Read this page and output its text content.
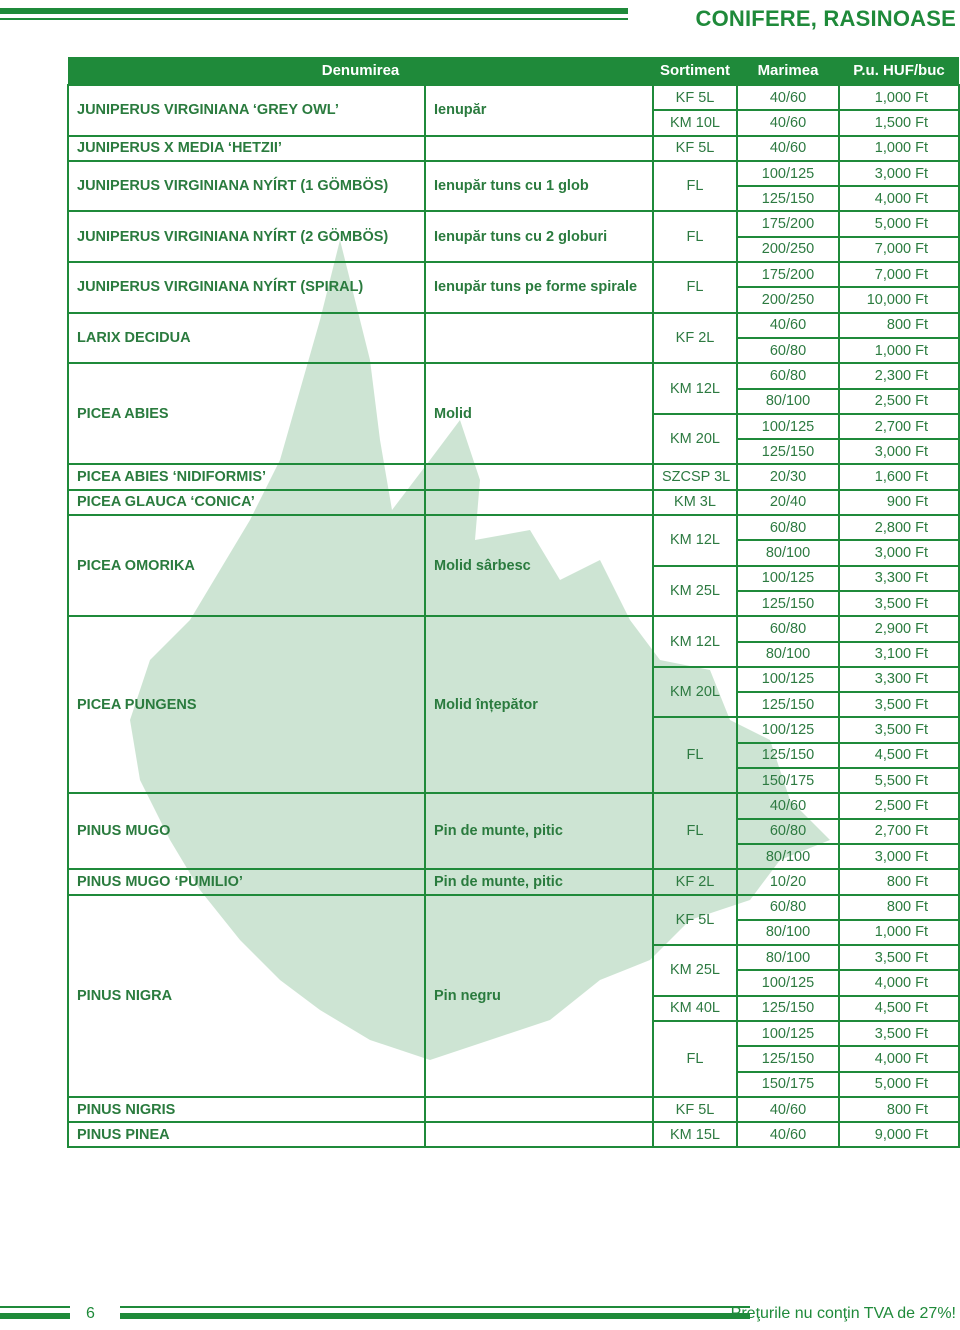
CONIFERE, RASINOASE
Denumirea		Sortiment	Marimea	P.u. HUF/buc
JUNIPERUS VIRGINIANA ‘GREY OWL’	Ienupăr	KF 5L	40/60	1,000 Ft
		KM 10L	40/60	1,500 Ft
JUNIPERUS X MEDIA ‘HETZII’		KF 5L	40/60	1,000 Ft
JUNIPERUS VIRGINIANA NYÍRT (1 GÖMBÖS)	Ienupăr tuns cu 1 glob	FL	100/125	3,000 Ft
			125/150	4,000 Ft
JUNIPERUS VIRGINIANA NYÍRT (2 GÖMBÖS)	Ienupăr tuns cu 2 globuri	FL	175/200	5,000 Ft
			200/250	7,000 Ft
JUNIPERUS VIRGINIANA NYÍRT (SPIRAL)	Ienupăr tuns pe forme spirale	FL	175/200	7,000 Ft
			200/250	10,000 Ft
LARIX DECIDUA		KF 2L	40/60	800 Ft
			60/80	1,000 Ft
PICEA ABIES	Molid	KM 12L	60/80	2,300 Ft
			80/100	2,500 Ft
		KM 20L	100/125	2,700 Ft
			125/150	3,000 Ft
PICEA ABIES ‘NIDIFORMIS’		SZCSP 3L	20/30	1,600 Ft
PICEA GLAUCA ‘CONICA’		KM 3L	20/40	900 Ft
PICEA OMORIKA	Molid sârbesc	KM 12L	60/80	2,800 Ft
			80/100	3,000 Ft
		KM 25L	100/125	3,300 Ft
			125/150	3,500 Ft
PICEA PUNGENS	Molid înțepător	KM 12L	60/80	2,900 Ft
			80/100	3,100 Ft
		KM 20L	100/125	3,300 Ft
			125/150	3,500 Ft
		FL	100/125	3,500 Ft
			125/150	4,500 Ft
			150/175	5,500 Ft
PINUS MUGO	Pin de munte, pitic	FL	40/60	2,500 Ft
			60/80	2,700 Ft
			80/100	3,000 Ft
PINUS MUGO ‘PUMILIO’	Pin de munte, pitic	KF 2L	10/20	800 Ft
PINUS NIGRA	Pin negru	KF 5L	60/80	800 Ft
			80/100	1,000 Ft
		KM 25L	80/100	3,500 Ft
			100/125	4,000 Ft
		KM 40L	125/150	4,500 Ft
		FL	100/125	3,500 Ft
			125/150	4,000 Ft
			150/175	5,000 Ft
PINUS NIGRIS		KF 5L	40/60	800 Ft
PINUS PINEA		KM 15L	40/60	9,000 Ft
6	Preţurile nu conţin TVA de 27%!
